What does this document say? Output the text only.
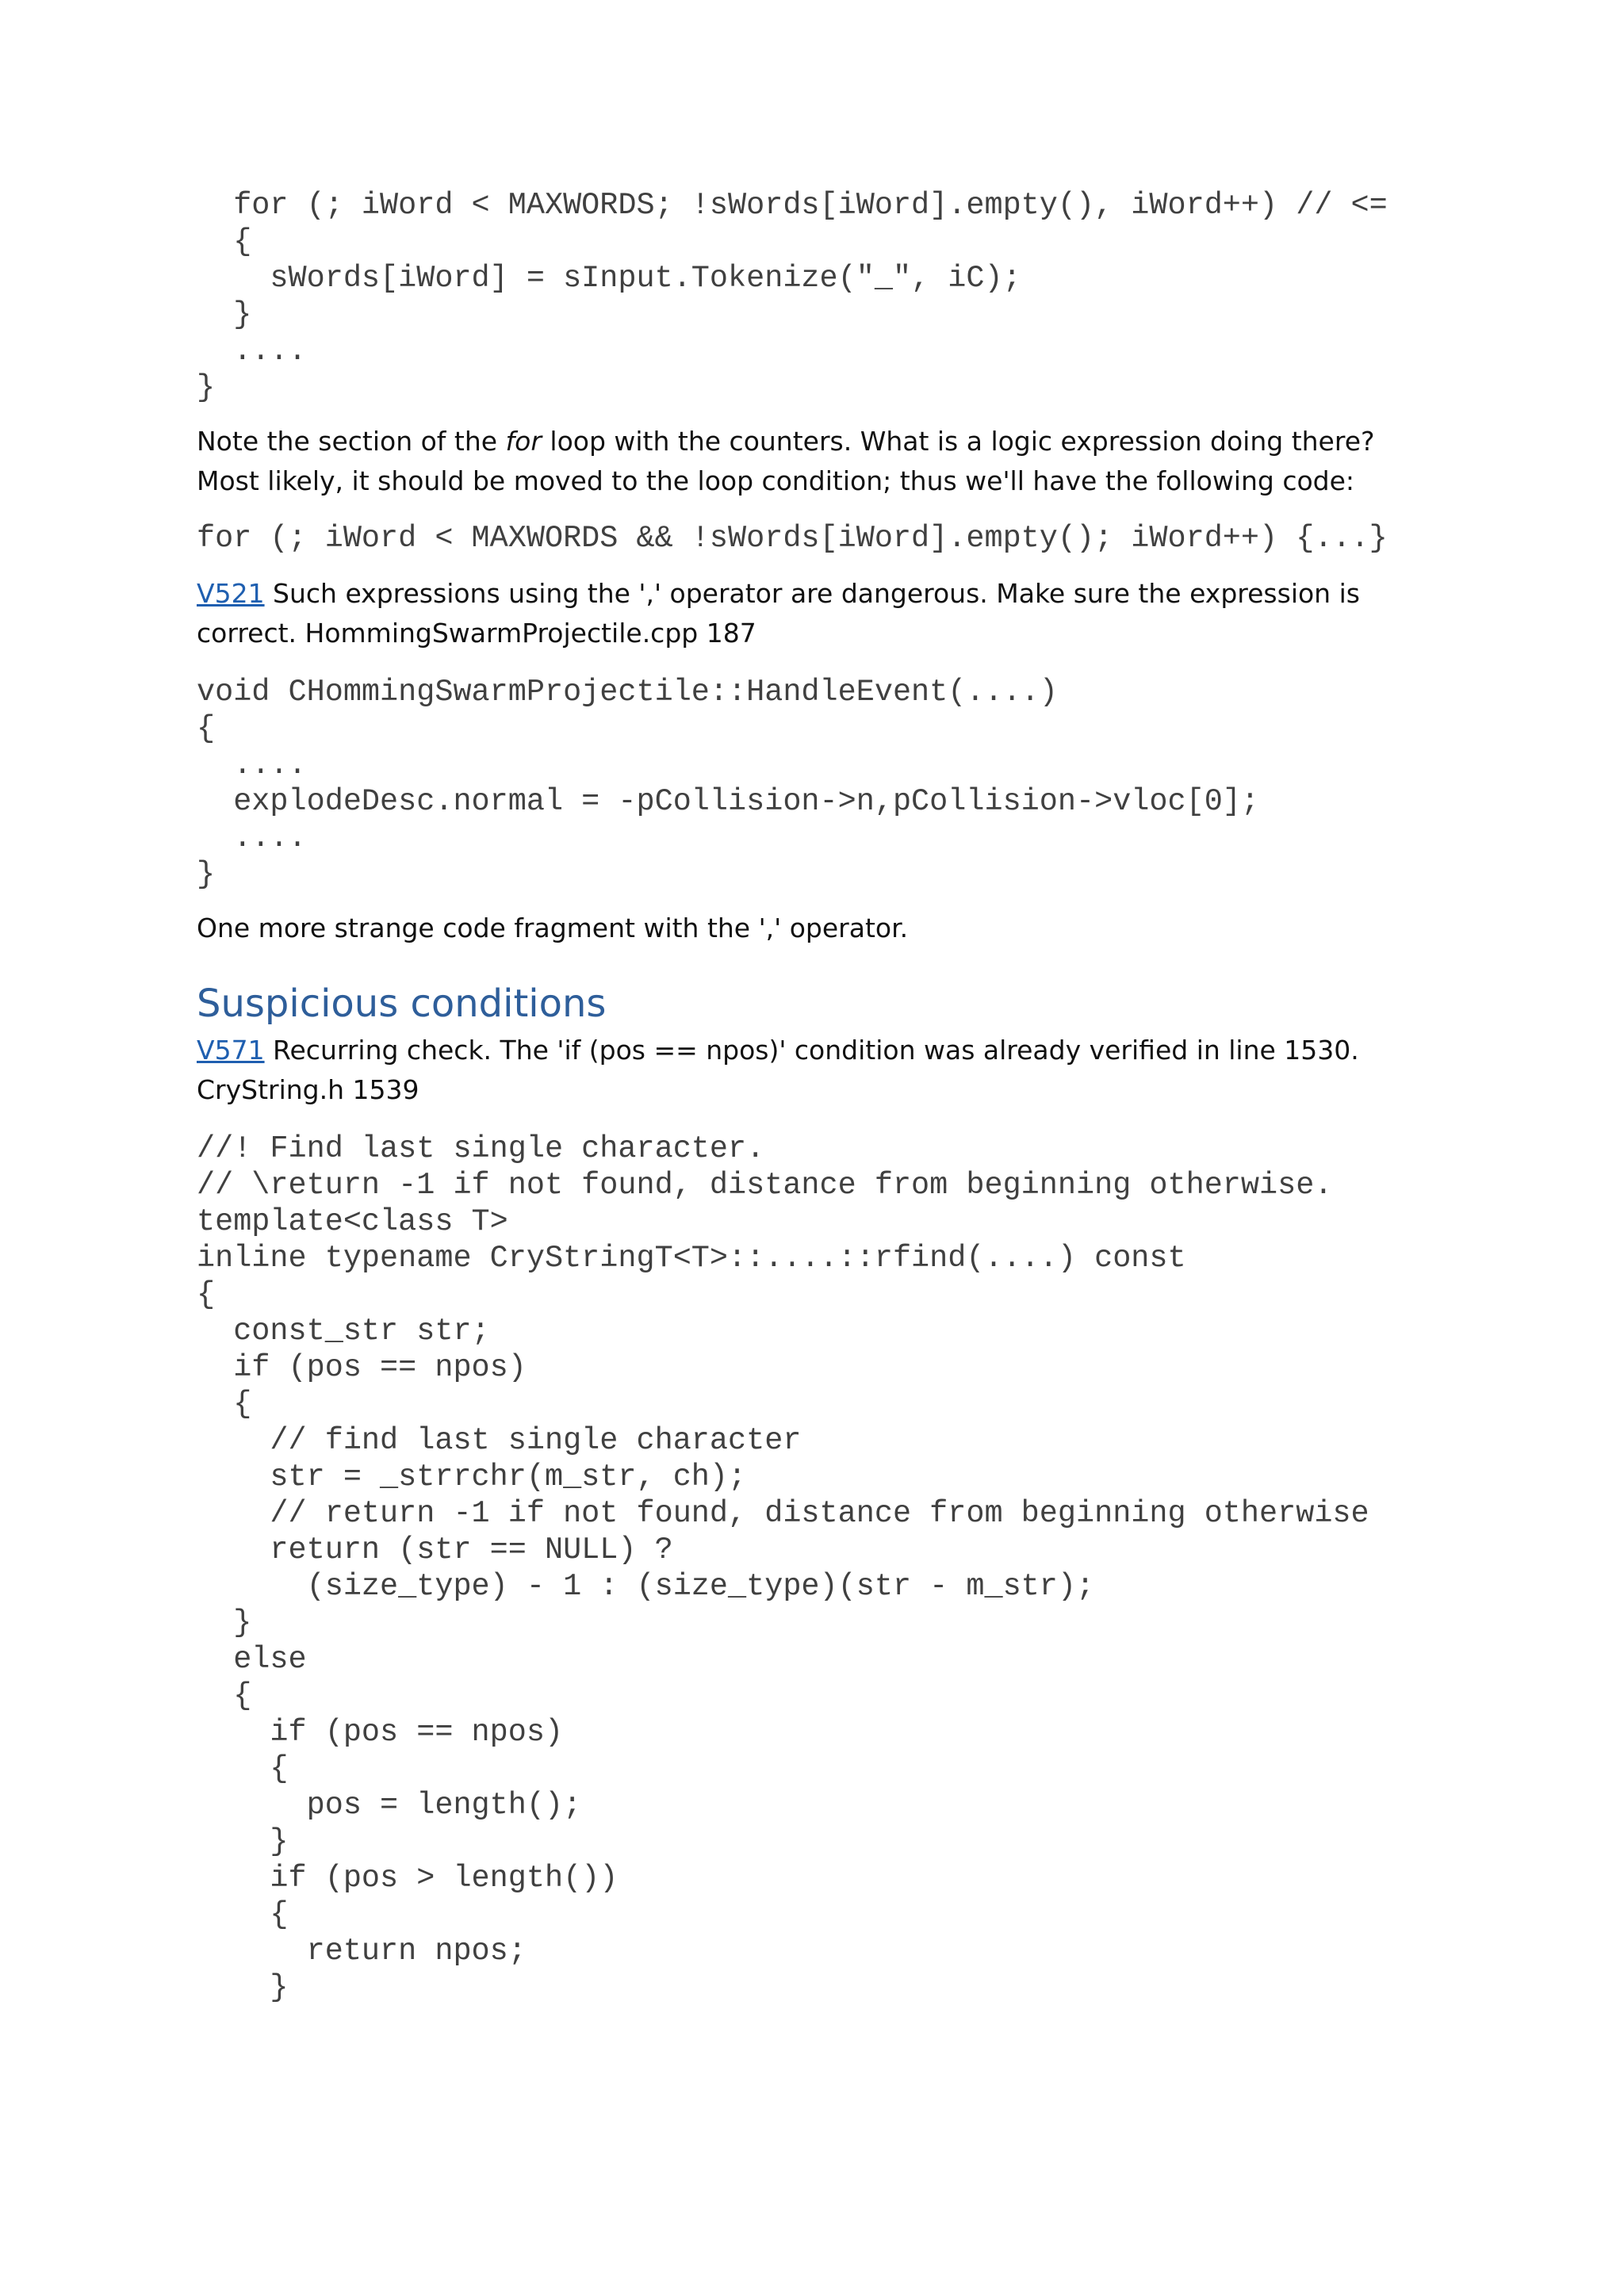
for (; iWord < MAXWORDS; !sWords[iWord].empty(), iWord++) // <=
{
sWords[iWord] = sInput.Tokenize("_", iC);
}
....
}

Note the section of the for loop with the counters. What is a logic expression doing there? Most likely, it should be moved to the loop condition; thus we'll have the following code:

for (; iWord < MAXWORDS && !sWords[iWord].empty(); iWord++) {...}

V521 Such expressions using the ',' operator are dangerous. Make sure the expression is correct. HommingSwarmProjectile.cpp 187

void CHommingSwarmProjectile::HandleEvent(....)
{
....
explodeDesc.normal = -pCollision->n,pCollision->vloc[0];
....
}

One more strange code fragment with the ',' operator.

Suspicious conditions

V571 Recurring check. The 'if (pos == npos)' condition was already verified in line 1530. CryString.h 1539

//! Find last single character.
// \return -1 if not found, distance from beginning otherwise.
template<class T>
inline typename CryStringT<T>::....::rfind(....) const
{
const_str str;
if (pos == npos)
{
// find last single character
str = _strrchr(m_str, ch);
// return -1 if not found, distance from beginning otherwise
return (str == NULL) ?
(size_type) - 1 : (size_type)(str - m_str);
}
else
{
if (pos == npos)
{
pos = length();
}
if (pos > length())
{
return npos;
}
